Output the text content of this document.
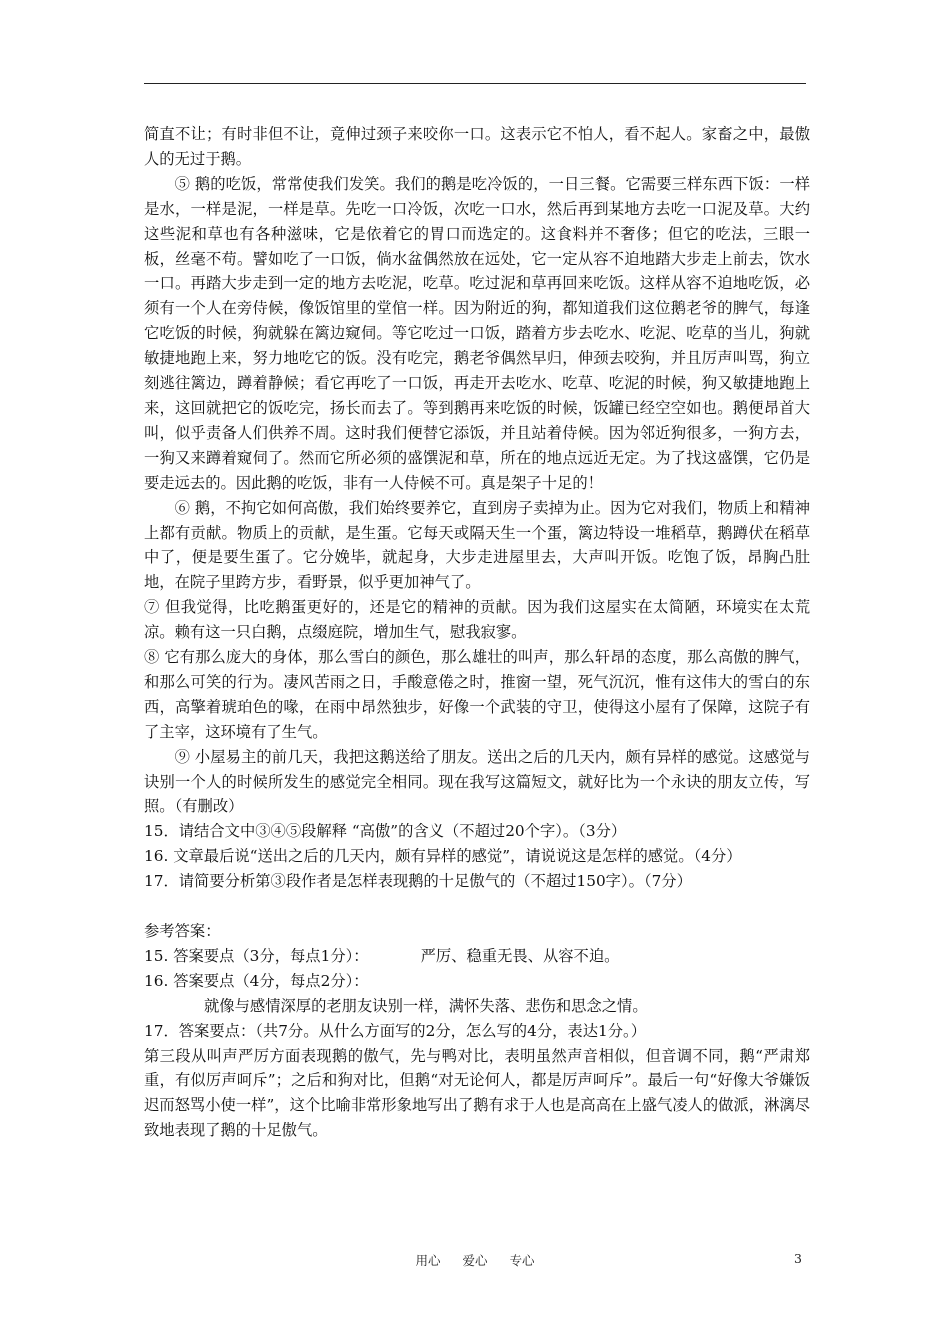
简直不让；有时非但不让，竟伸过颈子来咬你一口。这表示它不怕人，看不起人。家畜之中，最傲人的无过于鹅。

⑤ 鹅的吃饭，常常使我们发笑。我们的鹅是吃冷饭的，一日三餐。它需要三样东西下饭：一样是水，一样是泥，一样是草。先吃一口冷饭，次吃一口水，然后再到某地方去吃一口泥及草。大约这些泥和草也有各种滋味，它是依着它的胃口而选定的。这食料并不奢侈；但它的吃法，三眼一板，丝毫不苟。譬如吃了一口饭，倘水盆偶然放在远处，它一定从容不迫地踏大步走上前去，饮水一口。再踏大步走到一定的地方去吃泥，吃草。吃过泥和草再回来吃饭。这样从容不迫地吃饭，必须有一个人在旁侍候，像饭馆里的堂倌一样。因为附近的狗，都知道我们这位鹅老爷的脾气，每逢它吃饭的时候，狗就躲在篱边窥伺。等它吃过一口饭，踏着方步去吃水、吃泥、吃草的当儿，狗就敏捷地跑上来，努力地吃它的饭。没有吃完，鹅老爷偶然早归，伸颈去咬狗，并且厉声叫骂，狗立刻逃往篱边，蹲着静候；看它再吃了一口饭，再走开去吃水、吃草、吃泥的时候，狗又敏捷地跑上来，这回就把它的饭吃完，扬长而去了。等到鹅再来吃饭的时候，饭罐已经空空如也。鹅便昂首大叫，似乎责备人们供养不周。这时我们便替它添饭，并且站着侍候。因为邻近狗很多，一狗方去，一狗又来蹲着窥伺了。然而它所必须的盛馔泥和草，所在的地点远近无定。为了找这盛馔，它仍是要走远去的。因此鹅的吃饭，非有一人侍候不可。真是架子十足的！

⑥ 鹅，不拘它如何高傲，我们始终要养它，直到房子卖掉为止。因为它对我们，物质上和精神上都有贡献。物质上的贡献，是生蛋。它每天或隔天生一个蛋，篱边特设一堆稻草，鹅蹲伏在稻草中了，便是要生蛋了。它分娩毕，就起身，大步走进屋里去，大声叫开饭。吃饱了饭，昂胸凸肚地，在院子里跨方步，看野景，似乎更加神气了。

⑦ 但我觉得，比吃鹅蛋更好的，还是它的精神的贡献。因为我们这屋实在太简陋，环境实在太荒凉。赖有这一只白鹅，点缀庭院，增加生气，慰我寂寥。

⑧ 它有那么庞大的身体，那么雪白的颜色，那么雄壮的叫声，那么轩昂的态度，那么高傲的脾气，和那么可笑的行为。凄风苦雨之日，手酸意倦之时，推窗一望，死气沉沉，惟有这伟大的雪白的东西，高擎着琥珀色的喙，在雨中昂然独步，好像一个武装的守卫，使得这小屋有了保障，这院子有了主宰，这环境有了生气。

⑨ 小屋易主的前几天，我把这鹅送给了朋友。送出之后的几天内，颇有异样的感觉。这感觉与诀别一个人的时候所发生的感觉完全相同。现在我写这篇短文，就好比为一个永诀的朋友立传，写照。（有删改）

15．请结合文中③④⑤段解释 “高傲”的含义（不超过20个字）。（3分）

16. 文章最后说“送出之后的几天内，颇有异样的感觉”，请说说这是怎样的感觉。（4分）

17．请简要分析第③段作者是怎样表现鹅的十足傲气的（不超过150字）。（7分）

参考答案：

15. 答案要点（3分，每点1分）：	严厉、稳重无畏、从容不迫。

16. 答案要点（4分，每点2分）：

就像与感情深厚的老朋友诀别一样，满怀失落、悲伤和思念之情。

17．答案要点：（共7分。从什么方面写的2分，怎么写的4分，表达1分。）

第三段从叫声严厉方面表现鹅的傲气，先与鸭对比，表明虽然声音相似，但音调不同，鹅“严肃郑重，有似厉声呵斥”；之后和狗对比，但鹅“对无论何人，都是厉声呵斥”。最后一句“好像大爷嫌饭迟而怒骂小使一样”，这个比喻非常形象地写出了鹅有求于人也是高高在上盛气凌人的做派，淋漓尽致地表现了鹅的十足傲气。

用心 爱心 专心	3
